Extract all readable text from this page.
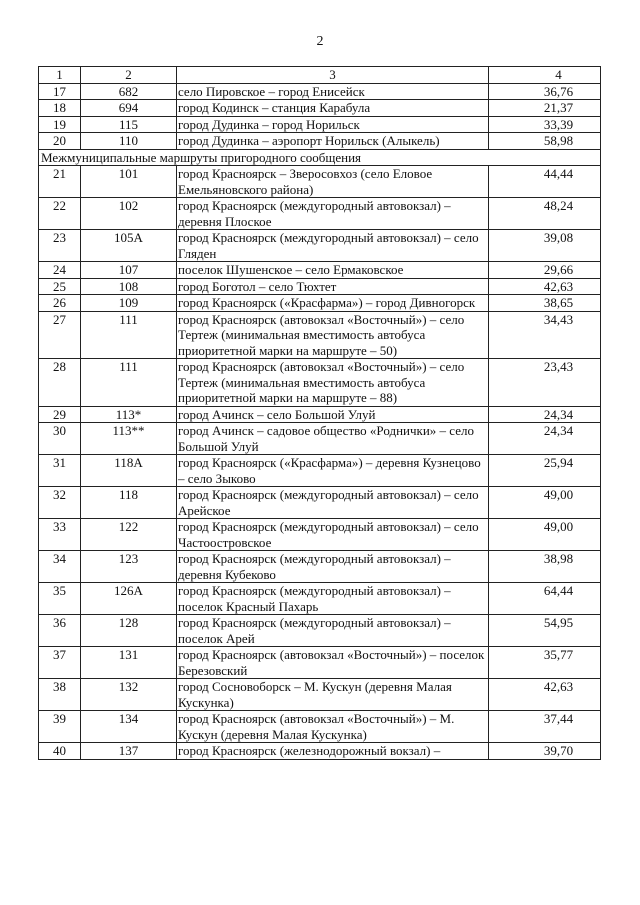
2
1	2	3	4
17	682	село Пировское – город Енисейск	36,76
18	694	город Кодинск – станция Карабула	21,37
19	115	город Дудинка – город Норильск	33,39
20	110	город Дудинка – аэропорт Норильск (Алыкель)	58,98
Межмуниципальные маршруты пригородного сообщения			
21	101	город Красноярск – Зверосовхоз (село Еловое Емельяновского района)	44,44
22	102	город Красноярск (междугородный автовокзал) – деревня Плоское	48,24
23	105А	город Красноярск (междугородный автовокзал) – село Гляден	39,08
24	107	поселок Шушенское – село Ермаковское	29,66
25	108	город Боготол – село Тюхтет	42,63
26	109	город Красноярск («Красфарма») – город Дивногорск	38,65
27	111	город Красноярск (автовокзал «Восточный») – село Тертеж (минимальная вместимость автобуса приоритетной марки на маршруте – 50)	34,43
28	111	город Красноярск (автовокзал «Восточный») – село Тертеж (минимальная вместимость автобуса приоритетной марки на маршруте – 88)	23,43
29	113*	город Ачинск – село Большой Улуй	24,34
30	113**	город Ачинск – садовое общество «Роднички» – село Большой Улуй	24,34
31	118А	город Красноярск («Красфарма») – деревня Кузнецово – село Зыково	25,94
32	118	город Красноярск (междугородный автовокзал) – село Арейское	49,00
33	122	город Красноярск (междугородный автовокзал) – село Частоостровское	49,00
34	123	город Красноярск (междугородный автовокзал) – деревня Кубеково	38,98
35	126А	город Красноярск (междугородный автовокзал) – поселок Красный Пахарь	64,44
36	128	город Красноярск (междугородный автовокзал) – поселок Арей	54,95
37	131	город Красноярск (автовокзал «Восточный») – поселок Березовский	35,77
38	132	город Сосновоборск – М. Кускун (деревня Малая Кускунка)	42,63
39	134	город Красноярск (автовокзал «Восточный») – М. Кускун (деревня Малая Кускунка)	37,44
40	137	город Красноярск (железнодорожный вокзал) –	39,70
